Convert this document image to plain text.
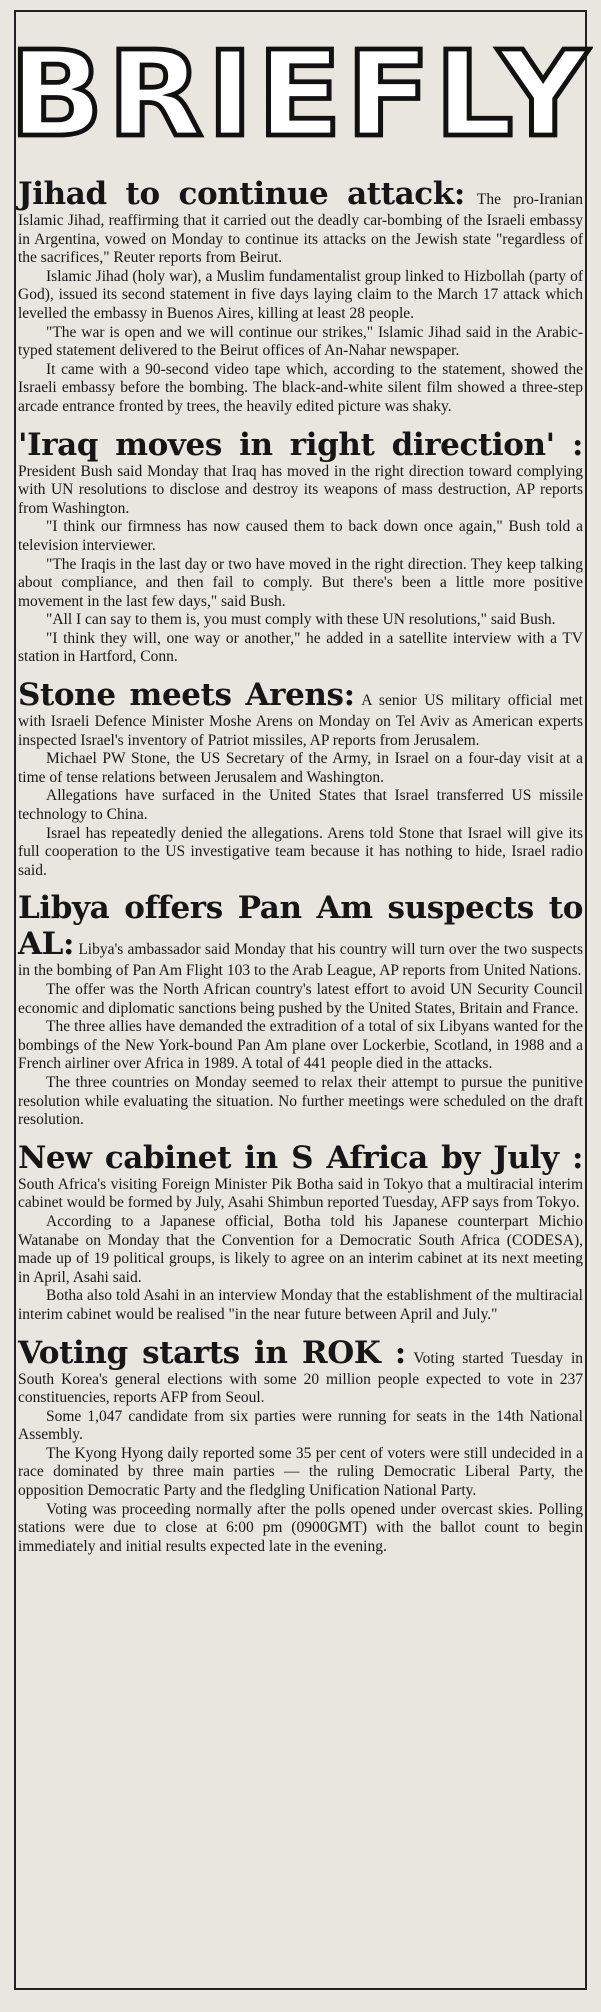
BRIEFLY

Jihad to continue attack: The pro-Iranian Islamic Jihad, reaffirming that it carried out the deadly car-bombing of the Israeli embassy in Argentina, vowed on Monday to continue its attacks on the Jewish state "regardless of the sacrifices," Reuter reports from Beirut.

Islamic Jihad (holy war), a Muslim fundamentalist group linked to Hizbollah (party of God), issued its second statement in five days laying claim to the March 17 attack which levelled the embassy in Buenos Aires, killing at least 28 people.

"The war is open and we will continue our strikes," Islamic Jihad said in the Arabic-typed statement delivered to the Beirut offices of An-Nahar newspaper.

It came with a 90-second video tape which, according to the statement, showed the Israeli embassy before the bombing. The black-and-white silent film showed a three-step arcade entrance fronted by trees, the heavily edited picture was shaky.

'Iraq moves in right direction' : President Bush said Monday that Iraq has moved in the right direction toward complying with UN resolutions to disclose and destroy its weapons of mass destruction, AP reports from Washington.

"I think our firmness has now caused them to back down once again," Bush told a television interviewer.

"The Iraqis in the last day or two have moved in the right direction. They keep talking about compliance, and then fail to comply. But there's been a little more positive movement in the last few days," said Bush.

"All I can say to them is, you must comply with these UN resolutions," said Bush.

"I think they will, one way or another," he added in a satellite interview with a TV station in Hartford, Conn.

Stone meets Arens: A senior US military official met with Israeli Defence Minister Moshe Arens on Monday on Tel Aviv as American experts inspected Israel's inventory of Patriot missiles, AP reports from Jerusalem.

Michael PW Stone, the US Secretary of the Army, in Israel on a four-day visit at a time of tense relations between Jerusalem and Washington.

Allegations have surfaced in the United States that Israel transferred US missile technology to China.

Israel has repeatedly denied the allegations. Arens told Stone that Israel will give its full cooperation to the US investigative team because it has nothing to hide, Israel radio said.

Libya offers Pan Am suspects to AL: Libya's ambassador said Monday that his country will turn over the two suspects in the bombing of Pan Am Flight 103 to the Arab League, AP reports from United Nations.

The offer was the North African country's latest effort to avoid UN Security Council economic and diplomatic sanctions being pushed by the United States, Britain and France.

The three allies have demanded the extradition of a total of six Libyans wanted for the bombings of the New York-bound Pan Am plane over Lockerbie, Scotland, in 1988 and a French airliner over Africa in 1989. A total of 441 people died in the attacks.

The three countries on Monday seemed to relax their attempt to pursue the punitive resolution while evaluating the situation. No further meetings were scheduled on the draft resolution.

New cabinet in S Africa by July : South Africa's visiting Foreign Minister Pik Botha said in Tokyo that a multiracial interim cabinet would be formed by July, Asahi Shimbun reported Tuesday, AFP says from Tokyo.

According to a Japanese official, Botha told his Japanese counterpart Michio Watanabe on Monday that the Convention for a Democratic South Africa (CODESA), made up of 19 political groups, is likely to agree on an interim cabinet at its next meeting in April, Asahi said.

Botha also told Asahi in an interview Monday that the establishment of the multiracial interim cabinet would be realised "in the near future between April and July."

Voting starts in ROK : Voting started Tuesday in South Korea's general elections with some 20 million people expected to vote in 237 constituencies, reports AFP from Seoul.

Some 1,047 candidate from six parties were running for seats in the 14th National Assembly.

The Kyong Hyong daily reported some 35 per cent of voters were still undecided in a race dominated by three main parties — the ruling Democratic Liberal Party, the opposition Democratic Party and the fledgling Unification National Party.

Voting was proceeding normally after the polls opened under overcast skies. Polling stations were due to close at 6:00 pm (0900GMT) with the ballot count to begin immediately and initial results expected late in the evening.
